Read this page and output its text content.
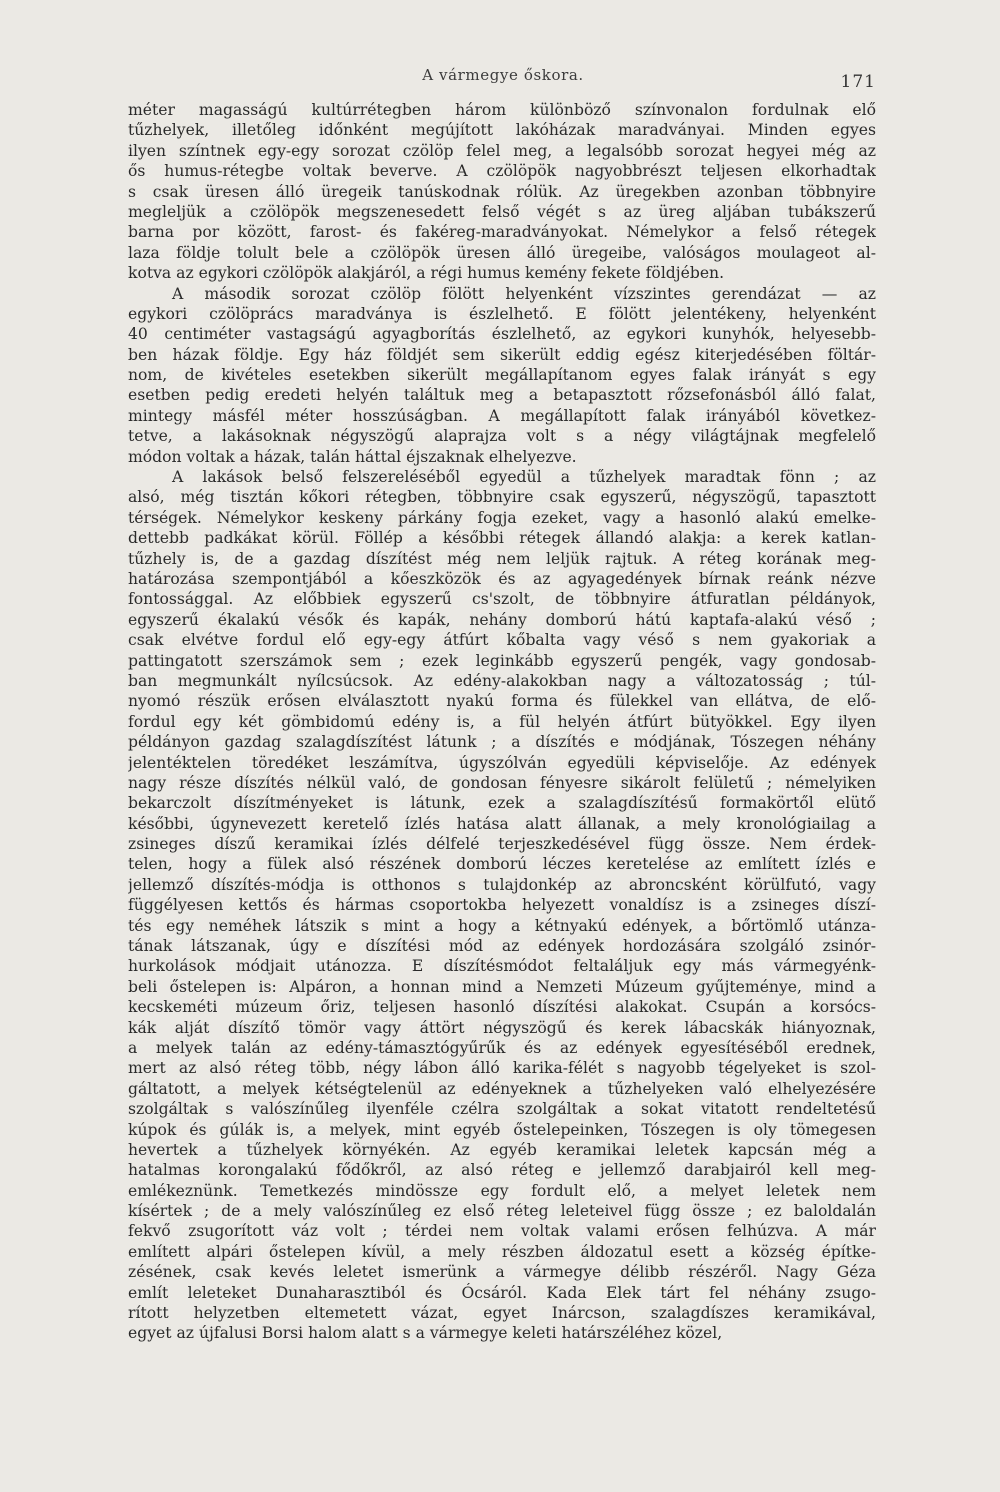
A vármegye őskora.	171
méter magasságú kultúrrétegben három különböző színvonalon fordulnak elő
tűzhelyek, illetőleg időnként megújított lakóházak maradványai. Minden egyes
ilyen színtnek egy-egy sorozat czölöp felel meg, a legalsóbb sorozat hegyei még az
ős humus-rétegbe voltak beverve. A czölöpök nagyobbrészt teljesen elkorhadtak
s csak üresen álló üregeik tanúskodnak rólük. Az üregekben azonban többnyire
megleljük a czölöpök megszenesedett felső végét s az üreg aljában tubákszerű
barna por között, farost- és fakéreg-maradványokat. Némelykor a felső rétegek
laza földje tolult bele a czölöpök üresen álló üregeibe, valóságos moulageot al-
kotva az egykori czölöpök alakjáról, a régi humus kemény fekete földjében.
A második sorozat czölöp fölött helyenként vízszintes gerendázat — az
egykori czölöprács maradványa is észlelhető. E fölött jelentékeny, helyenként
40 centiméter vastagságú agyagborítás észlelhető, az egykori kunyhók, helyesebb-
ben házak földje. Egy ház földjét sem sikerült eddig egész kiterjedésében föltár-
nom, de kivételes esetekben sikerült megállapítanom egyes falak irányát s egy
esetben pedig eredeti helyén találtuk meg a betapasztott rőzsefonásból álló falat,
mintegy másfél méter hosszúságban. A megállapított falak irányából következ-
tetve, a lakásoknak négyszögű alaprajza volt s a négy világtájnak megfelelő
módon voltak a házak, talán háttal éjszaknak elhelyezve.
A lakások belső felszereléséből egyedül a tűzhelyek maradtak fönn ; az
alsó, még tisztán kőkori rétegben, többnyire csak egyszerű, négyszögű, tapasztott
térségek. Némelykor keskeny párkány fogja ezeket, vagy a hasonló alakú emelke-
dettebb padkákat körül. Föllép a későbbi rétegek állandó alakja: a kerek katlan-
tűzhely is, de a gazdag díszítést még nem leljük rajtuk. A réteg korának meg-
határozása szempontjából a kőeszközök és az agyagedények bírnak reánk nézve
fontossággal. Az előbbiek egyszerű cs'szolt, de többnyire átfuratlan példányok,
egyszerű ékalakú vésők és kapák, nehány domború hátú kaptafa-alakú véső ;
csak elvétve fordul elő egy-egy átfúrt kőbalta vagy véső s nem gyakoriak a
pattingatott szerszámok sem ; ezek leginkább egyszerű pengék, vagy gondosab-
ban megmunkált nyílcsúcsok. Az edény-alakokban nagy a változatosság ; túl-
nyomó részük erősen elválasztott nyakú forma és fülekkel van ellátva, de elő-
fordul egy két gömbidomú edény is, a fül helyén átfúrt bütyökkel. Egy ilyen
példányon gazdag szalagdíszítést látunk ; a díszítés e módjának, Tószegen néhány
jelentéktelen töredéket leszámítva, úgyszólván egyedüli képviselője. Az edények
nagy része díszítés nélkül való, de gondosan fényesre sikárolt felületű ; némelyiken
bekarczolt díszítményeket is látunk, ezek a szalagdíszítésű formakörtől elütő
későbbi, úgynevezett keretelő ízlés hatása alatt állanak, a mely kronológiailag a
zsineges díszű keramikai ízlés délfelé terjeszkedésével függ össze. Nem érdek-
telen, hogy a fülek alsó részének domború léczes keretelése az említett ízlés e
jellemző díszítés-módja is otthonos s tulajdonkép az abroncsként körülfutó, vagy
függélyesen kettős és hármas csoportokba helyezett vonaldísz is a zsineges díszí-
tés egy neméhek látszik s mint a hogy a kétnyakú edények, a bőrtömlő utánza-
tának látszanak, úgy e díszítési mód az edények hordozására szolgáló zsinór-
hurkolások módjait utánozza. E díszítésmódot feltaláljuk egy más vármegyénk-
beli őstelepen is: Alpáron, a honnan mind a Nemzeti Múzeum gyűjteménye, mind a
kecskeméti múzeum őriz, teljesen hasonló díszítési alakokat. Csupán a korsócs-
kák alját díszítő tömör vagy áttört négyszögű és kerek lábacskák hiányoznak,
a melyek talán az edény-támasztógyűrűk és az edények egyesítéséből erednek,
mert az alsó réteg több, négy lábon álló karika-félét s nagyobb tégelyeket is szol-
gáltatott, a melyek kétségtelenül az edényeknek a tűzhelyeken való elhelyezésére
szolgáltak s valószínűleg ilyenféle czélra szolgáltak a sokat vitatott rendeltetésű
kúpok és gúlák is, a melyek, mint egyéb őstelepeinken, Tószegen is oly tömegesen
hevertek a tűzhelyek környékén. Az egyéb keramikai leletek kapcsán még a
hatalmas korongalakú fődőkről, az alsó réteg e jellemző darabjairól kell meg-
emlékeznünk. Temetkezés mindössze egy fordult elő, a melyet leletek nem
kísértek ; de a mely valószínűleg ez első réteg leleteivel függ össze ; ez baloldalán
fekvő zsugorított váz volt ; térdei nem voltak valami erősen felhúzva. A már
említett alpári őstelepen kívül, a mely részben áldozatul esett a község építke-
zésének, csak kevés leletet ismerünk a vármegye délibb részéről. Nagy Géza
említ leleteket Dunaharasztiból és Ócsáról. Kada Elek tárt fel néhány zsugo-
rított helyzetben eltemetett vázat, egyet Inárcson, szalagdíszes keramikával,
egyet az újfalusi Borsi halom alatt s a vármegye keleti határszéléhez közel,
